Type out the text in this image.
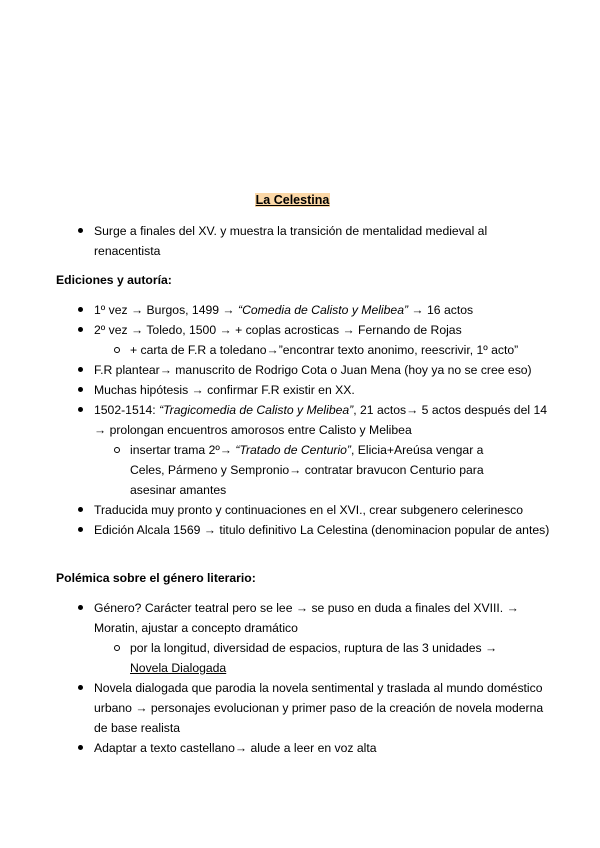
La Celestina
Surge a finales del XV. y muestra la transición de mentalidad medieval al renacentista
Ediciones y autoría:
1º vez → Burgos, 1499 → “Comedia de Calisto y Melibea” → 16 actos
2º vez → Toledo, 1500 → + coplas acrosticas → Fernando de Rojas
+ carta de F.R a toledano→”encontrar texto anonimo, reescrivir, 1º acto”
F.R plantear→ manuscrito de Rodrigo Cota o Juan Mena (hoy ya no se cree eso)
Muchas hipótesis → confirmar F.R existir en XX.
1502-1514: “Tragicomedia de Calisto y Melibea”, 21 actos→ 5 actos después del 14 → prolongan encuentros amorosos entre Calisto y Melibea
insertar trama 2º→ “Tratado de Centurio”, Elicia+Areúsa vengar a Celes, Pármeno y Sempronio→ contratar bravucon Centurio para asesinar amantes
Traducida muy pronto y continuaciones en el XVI., crear subgenero celerinesco
Edición Alcala 1569 → titulo definitivo La Celestina (denominacion popular de antes)
Polémica sobre el género literario:
Género? Carácter teatral pero se lee → se puso en duda a finales del XVIII. → Moratin, ajustar a concepto dramático
por la longitud, diversidad de espacios, ruptura de las 3 unidades → Novela Dialogada
Novela dialogada que parodia la novela sentimental y traslada al mundo doméstico urbano → personajes evolucionan y primer paso de la creación de novela moderna de base realista
Adaptar a texto castellano→ alude a leer en voz alta
